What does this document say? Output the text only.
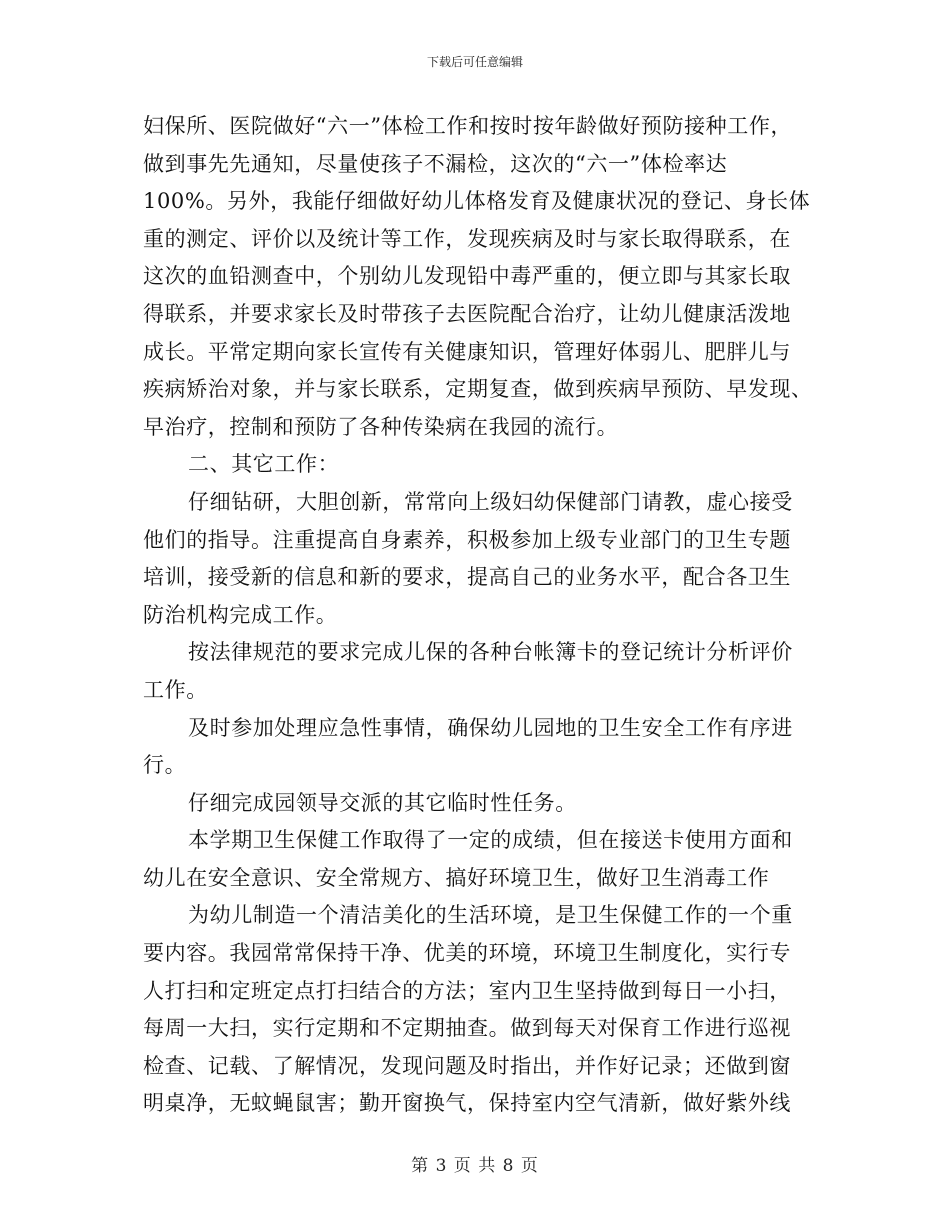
下载后可任意编辑
妇保所、医院做好“六一”体检工作和按时按年龄做好预防接种工作，
做到事先先通知，尽量使孩子不漏检，这次的“六一”体检率达
100%。另外，我能仔细做好幼儿体格发育及健康状况的登记、身长体
重的测定、评价以及统计等工作，发现疾病及时与家长取得联系，在
这次的血铅测查中，个别幼儿发现铅中毒严重的，便立即与其家长取
得联系，并要求家长及时带孩子去医院配合治疗，让幼儿健康活泼地
成长。平常定期向家长宣传有关健康知识，管理好体弱儿、肥胖儿与
疾病矫治对象，并与家长联系，定期复查，做到疾病早预防、早发现、
早治疗，控制和预防了各种传染病在我园的流行。
二、其它工作：
仔细钻研，大胆创新，常常向上级妇幼保健部门请教，虚心接受
他们的指导。注重提高自身素养，积极参加上级专业部门的卫生专题
培训，接受新的信息和新的要求，提高自己的业务水平，配合各卫生
防治机构完成工作。
按法律规范的要求完成儿保的各种台帐簿卡的登记统计分析评价
工作。
及时参加处理应急性事情，确保幼儿园地的卫生安全工作有序进
行。
仔细完成园领导交派的其它临时性任务。
本学期卫生保健工作取得了一定的成绩，但在接送卡使用方面和
幼儿在安全意识、安全常规方、搞好环境卫生，做好卫生消毒工作
为幼儿制造一个清洁美化的生活环境，是卫生保健工作的一个重
要内容。我园常常保持干净、优美的环境，环境卫生制度化，实行专
人打扫和定班定点打扫结合的方法；室内卫生坚持做到每日一小扫，
每周一大扫，实行定期和不定期抽查。做到每天对保育工作进行巡视
检查、记载、了解情况，发现问题及时指出，并作好记录；还做到窗
明桌净，无蚊蝇鼠害；勤开窗换气，保持室内空气清新，做好紫外线
第 3 页 共 8 页
